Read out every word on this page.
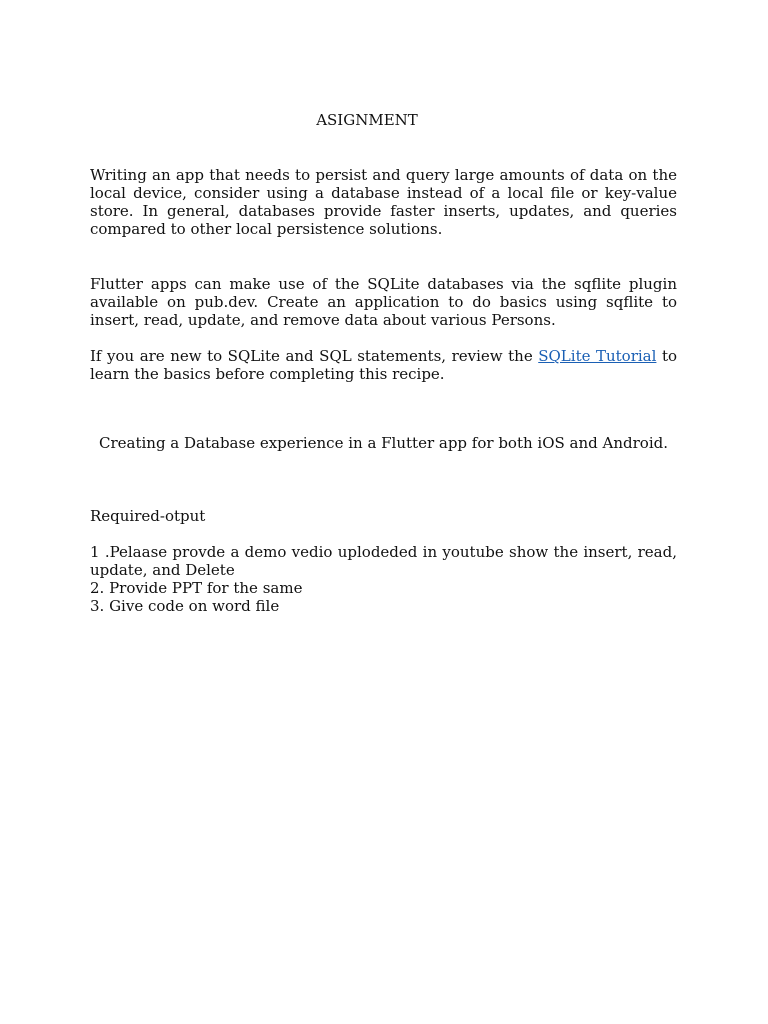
ASIGNMENT

Writing an app that needs to persist and query large amounts of data on the local device, consider using a database instead of a local file or key-value store. In general, databases provide faster inserts, updates, and queries compared to other local persistence solutions.

Flutter apps can make use of the SQLite databases via the sqflite plugin available on pub.dev. Create an application to do basics using sqflite to insert, read, update, and remove data about various Persons.

If you are new to SQLite and SQL statements, review the SQLite Tutorial to learn the basics before completing this recipe.

Creating a Database experience in a Flutter app for both iOS and Android.

Required-otput

1 .Pelaase provde a demo vedio uplodeded in youtube show the insert, read, update, and Delete
2. Provide PPT for the same
3. Give code on word file
